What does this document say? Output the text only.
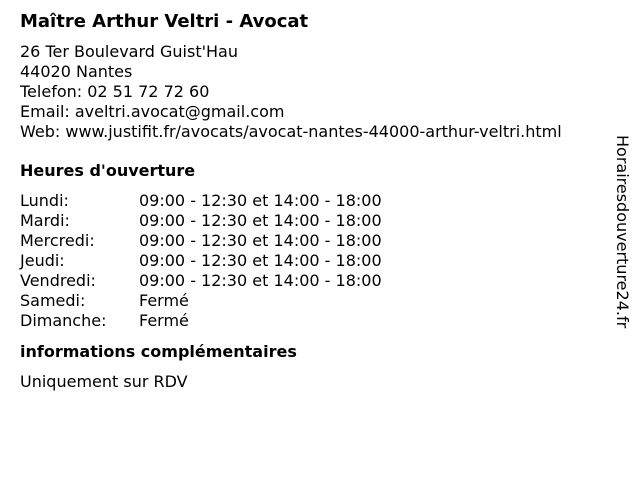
Maître Arthur Veltri - Avocat
26 Ter Boulevard Guist'Hau
44020 Nantes
Telefon: 02 51 72 72 60
Email: aveltri.avocat@gmail.com
Web: www.justifit.fr/avocats/avocat-nantes-44000-arthur-veltri.html
Heures d'ouverture
Lundi:	09:00 - 12:30 et 14:00 - 18:00
Mardi:	09:00 - 12:30 et 14:00 - 18:00
Mercredi:	09:00 - 12:30 et 14:00 - 18:00
Jeudi:	09:00 - 12:30 et 14:00 - 18:00
Vendredi:	09:00 - 12:30 et 14:00 - 18:00
Samedi:	Fermé
Dimanche:	Fermé
informations complémentaires
Uniquement sur RDV
Horairesdouverture24.fr
